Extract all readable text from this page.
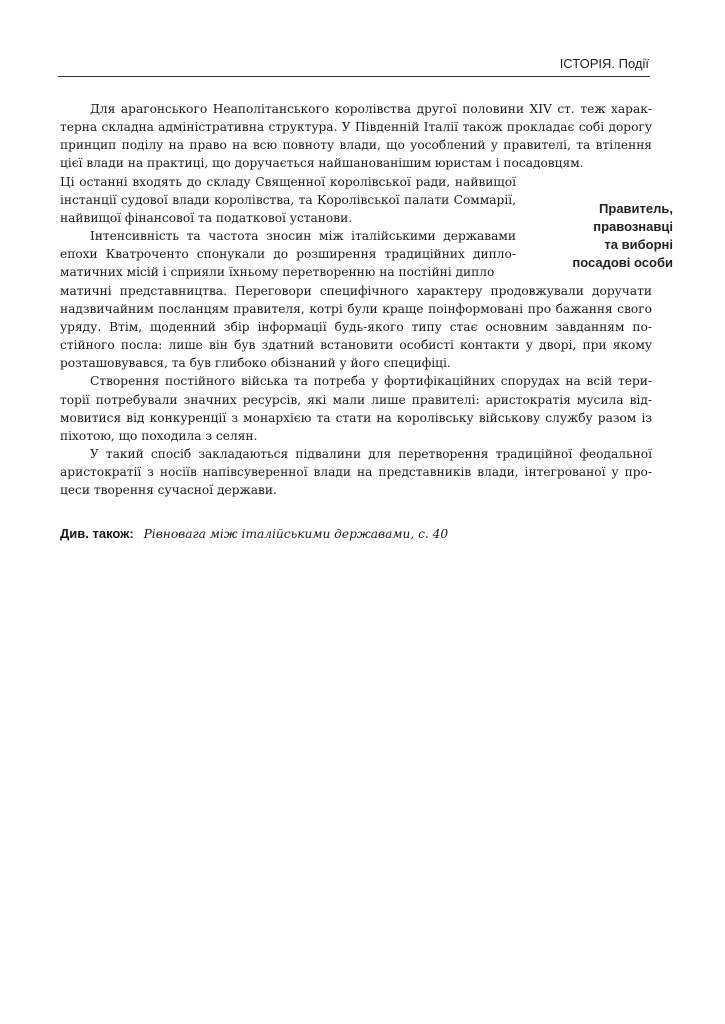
ІСТОРІЯ. Події

Для арагонського Неаполітанського королівства другої половини XIV ст. теж характерна складна адміністративна структура. У Південній Італії також прокладає собі дорогу принцип поділу на право на всю повноту влади, що уособлений у правителі, та втілення цієї влади на практиці, що доручається найшанованішим юристам і посадовцям.

Ці останні входять до складу Священної королівської ради, найвищої інстанції судової влади королівства, та Королівської палати Соммарії, найвищої фінансової та податкової установи.

Інтенсивність та частота зносин між італійськими державами епохи Кватроченто спонукали до розширення традиційних дипломатичних місій і сприяли їхньому перетворенню на постійні дипло

матичні представництва. Переговори специфічного характеру продовжували доручати надзвичайним посланцям правителя, котрі були краще поінформовані про бажання свого уряду. Втім, щоденний збір інформації будь-якого типу стає основним завданням постійного посла: лише він був здатний встановити особисті контакти у дворі, при якому розташовувався, та був глибоко обізнаний у його специфіці.

Створення постійного війська та потреба у фортифікаційних спорудах на всій території потребували значних ресурсів, які мали лише правителі: аристократія мусила відмовитися від конкуренції з монархією та стати на королівську військову службу разом із піхотою, що походила з селян.

У такий спосіб закладаються підвалини для перетворення традиційної феодальної аристократії з носіїв напівсуверенної влади на представників влади, інтегрованої у процеси творення сучасної держави.

Правитель,
правознавці
та виборні
посадові особи
Див. також: Рівновага між італійськими державами, с. 40
